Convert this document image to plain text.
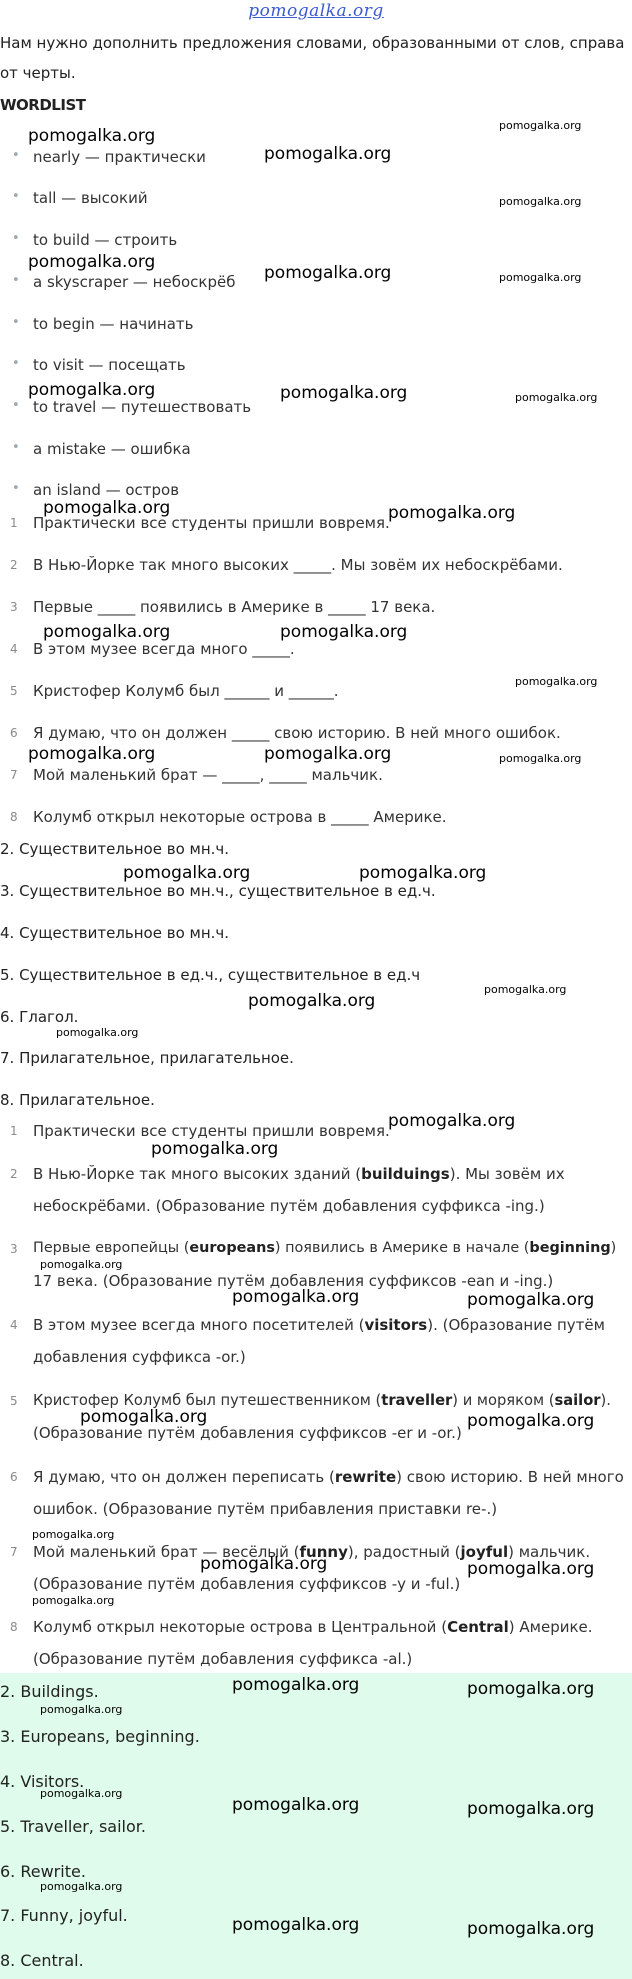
pomogalka.org
Нам нужно дополнить предложения словами, образованными от слов, справа от черты.
WORDLIST
• nearly — практически
• tall — высокий
• to build — строить
• a skyscraper — небоскрёб
• to begin — начинать
• to visit — посещать
• to travel — путешествовать
• a mistake — ошибка
• an island — остров
1 Практически все студенты пришли вовремя.
2 В Нью-Йорке так много высоких _____. Мы зовём их небоскрёбами.
3 Первые _____ появились в Америке в _____ 17 века.
4 В этом музее всегда много _____.
5 Кристофер Колумб был ______ и ______.
6 Я думаю, что он должен _____ свою историю. В ней много ошибок.
7 Мой маленький брат — _____, _____ мальчик.
8 Колумб открыл некоторые острова в _____ Америке.
2. Существительное во мн.ч.
3. Существительное во мн.ч., существительное в ед.ч.
4. Существительное во мн.ч.
5. Существительное в ед.ч., существительное в ед.ч
6. Глагол.
7. Прилагательное, прилагательное.
8. Прилагательное.
1 Практически все студенты пришли вовремя.
2 В Нью-Йорке так много высоких зданий (builduings). Мы зовём их
небоскрёбами. (Образование путём добавления суффикса -ing.)
3 Первые европейцы (europeans) появились в Америке в начале (beginning)
17 века. (Образование путём добавления суффиксов -ean и -ing.)
4 В этом музее всегда много посетителей (visitors). (Образование путём
добавления суффикса -or.)
5 Кристофер Колумб был путешественником (traveller) и моряком (sailor).
(Образование путём добавления суффиксов -er и -or.)
6 Я думаю, что он должен переписать (rewrite) свою историю. В ней много
ошибок. (Образование путём прибавления приставки re-.)
7 Мой маленький брат — весёлый (funny), радостный (joyful) мальчик.
(Образование путём добавления суффиксов -y и -ful.)
8 Колумб открыл некоторые острова в Центральной (Central) Америке.
(Образование путём добавления суффикса -al.)
2. Buildings.
3. Europeans, beginning.
4. Visitors.
5. Traveller, sailor.
6. Rewrite.
7. Funny, joyful.
8. Central.
pomogalka.org
pomogalka.org
pomogalka.org
pomogalka.org
pomogalka.org
pomogalka.org	pomogalka.org
pomogalka.org	pomogalka.org	pomogalka.org
pomogalka.org	pomogalka.org
pomogalka.org	pomogalka.org
pomogalka.org
pomogalka.org	pomogalka.org	pomogalka.org
pomogalka.org	pomogalka.org
pomogalka.org
pomogalka.org
pomogalka.org
pomogalka.org
pomogalka.org
pomogalka.org
pomogalka.org	pomogalka.org
pomogalka.org	pomogalka.org
pomogalka.org
pomogalka.org	pomogalka.org
pomogalka.org
pomogalka.org	pomogalka.org
pomogalka.org
pomogalka.org
pomogalka.org	pomogalka.org
pomogalka.org
pomogalka.org	pomogalka.org
